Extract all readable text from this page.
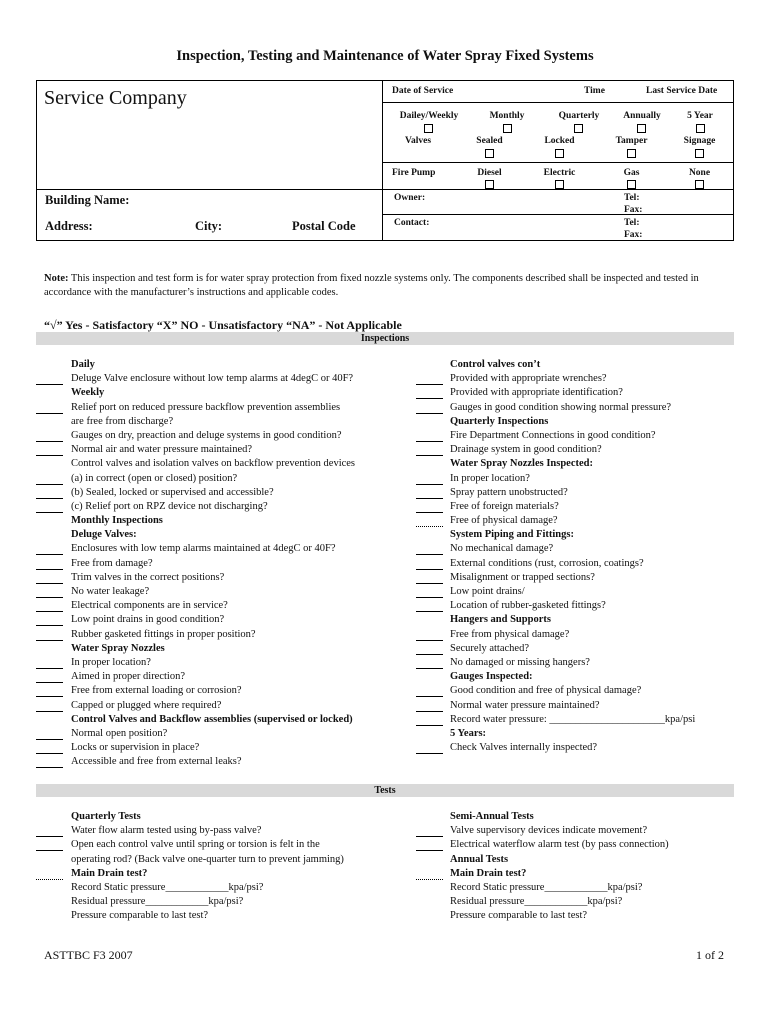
Inspection, Testing and Maintenance of Water Spray Fixed Systems
Service Company	Date of Service	Time	Last Service Date
Dailey/Weekly	Monthly	Quarterly	Annually	5 Year
Valves	Sealed	Locked	Tamper	Signage
Fire Pump	Diesel	Electric	Gas	None
Building Name:
Address:	City:	Postal Code
Owner:	Tel:
Fax:
Contact:	Tel:
Fax:
Note: This inspection and test form is for water spray protection from fixed nozzle systems only. The components described shall be inspected and tested in accordance with the manufacturer’s instructions and applicable codes.
“√” Yes - Satisfactory “X” NO - Unsatisfactory “NA” - Not Applicable
Inspections
Daily
Deluge Valve enclosure without low temp alarms at 4degC or 40F?
Weekly
Relief port on reduced pressure backflow prevention assemblies
are free from discharge?
Gauges on dry, preaction and deluge systems in good condition?
Normal air and water pressure maintained?
Control valves and isolation valves on backflow prevention devices
(a) in correct (open or closed) position?
(b) Sealed, locked or supervised and accessible?
(c) Relief port on RPZ device not discharging?
Monthly Inspections
Deluge Valves:
Enclosures with low temp alarms maintained at 4degC or 40F?
Free from damage?
Trim valves in the correct positions?
No water leakage?
Electrical components are in service?
Low point drains in good condition?
Rubber gasketed fittings in proper position?
Water Spray Nozzles
In proper location?
Aimed in proper direction?
Free from external loading or corrosion?
Capped or plugged where required?
Control Valves and Backflow assemblies (supervised or locked)
Normal open position?
Locks or supervision in place?
Accessible and free from external leaks?
Control valves con’t
Provided with appropriate wrenches?
Provided with appropriate identification?
Gauges in good condition showing normal pressure?
Quarterly Inspections
Fire Department Connections in good condition?
Drainage system in good condition?
Water Spray Nozzles Inspected:
In proper location?
Spray pattern unobstructed?
Free of foreign materials?
Free of physical damage?
System Piping and Fittings:
No mechanical damage?
External conditions (rust, corrosion, coatings?
Misalignment or trapped sections?
Low point drains/
Location of rubber-gasketed fittings?
Hangers and Supports
Free from physical damage?
Securely attached?
No damaged or missing hangers?
Gauges Inspected:
Good condition and free of physical damage?
Normal water pressure maintained?
Record water pressure: ______________________kpa/psi
5 Years:
Check Valves internally inspected?
Tests
Quarterly Tests
Water flow alarm tested using by-pass valve?
Open each control valve until spring or torsion is felt in the
operating rod? (Back valve one-quarter turn to prevent jamming)
Main Drain test?
Record Static pressure____________kpa/psi?
Residual pressure____________kpa/psi?
Pressure comparable to last test?
Semi-Annual Tests
Valve supervisory devices indicate movement?
Electrical waterflow alarm test (by pass connection)
Annual Tests
Main Drain test?
Record Static pressure____________kpa/psi?
Residual pressure____________kpa/psi?
Pressure comparable to last test?
ASTTBC F3 2007	1 of 2
